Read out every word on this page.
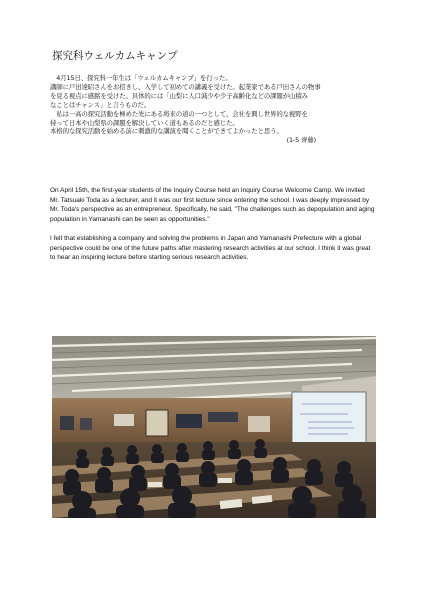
探究科ウェルカムキャンプ

　4月15日、探究科一年生は「ウェルカムキャンプ」を行った。

講師に戸田達昭さんをお招きし、入学して初めての講義を受けた。起業家である戸田さんの物事

を見る視点に感銘を受けた。具体的には「山梨に人口減少や少子高齢化などの課題が山積み

なことはチャンス」と言うものだ。

　私は一高の探究活動を極めた先にある将来の道の一つとして、会社を興し世界的な視野を

持って日本や山梨県の課題を解決していく道もあるのだと感じた。

本格的な探究活動を始める前に刺激的な講演を聞くことができてよかったと思う。

(1-5 齊藤)

On April 15th, the first-year students of the Inquiry Course held an Inquiry Course Welcome Camp. We invited Mr. Tatsuaki Toda as a lecturer, and it was our first lecture since entering the school. I was deeply impressed by Mr. Toda's perspective as an entrepreneur. Specifically, he said, "The challenges such as depopulation and aging population in Yamanashi can be seen as opportunities."

I felt that establishing a company and solving the problems in Japan and Yamanashi Prefecture with a global perspective could be one of the future paths after mastering research activities at our school. I think it was great to hear an inspiring lecture before starting serious research activities.
